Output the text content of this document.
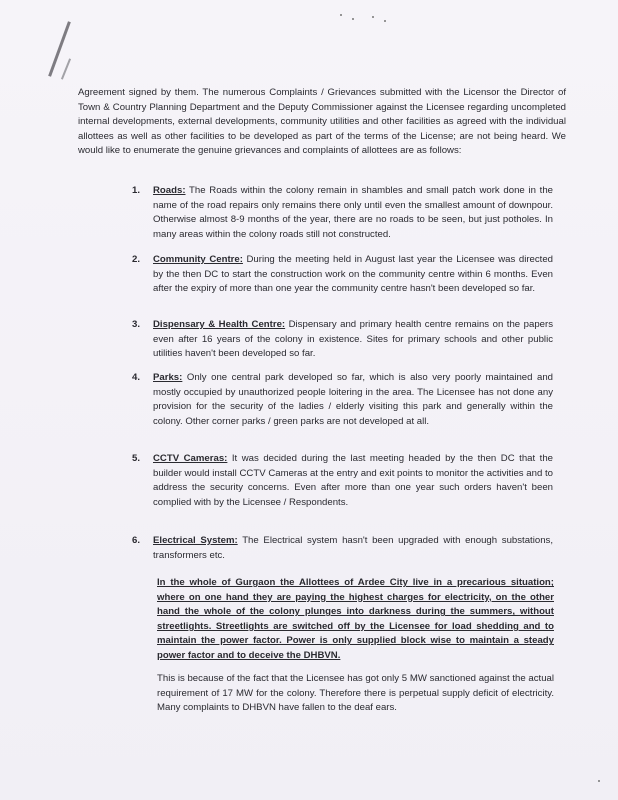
Agreement signed by them. The numerous Complaints / Grievances submitted with the Licensor the Director of Town & Country Planning Department and the Deputy Commissioner against the Licensee regarding uncompleted internal developments, external developments, community utilities and other facilities as agreed with the individual allottees as well as other facilities to be developed as part of the terms of the License; are not being heard. We would like to enumerate the genuine grievances and complaints of allottees are as follows:

1. Roads: The Roads within the colony remain in shambles and small patch work done in the name of the road repairs only remains there only until even the smallest amount of downpour. Otherwise almost 8-9 months of the year, there are no roads to be seen, but just potholes. In many areas within the colony roads still not constructed.

2. Community Centre: During the meeting held in August last year the Licensee was directed by the then DC to start the construction work on the community centre within 6 months. Even after the expiry of more than one year the community centre hasn't been developed so far.

3. Dispensary & Health Centre: Dispensary and primary health centre remains on the papers even after 16 years of the colony in existence. Sites for primary schools and other public utilities haven't been developed so far.

4. Parks: Only one central park developed so far, which is also very poorly maintained and mostly occupied by unauthorized people loitering in the area. The Licensee has not done any provision for the security of the ladies / elderly visiting this park and generally within the colony. Other corner parks / green parks are not developed at all.

5. CCTV Cameras: It was decided during the last meeting headed by the then DC that the builder would install CCTV Cameras at the entry and exit points to monitor the activities and to address the security concerns. Even after more than one year such orders haven't been complied with by the Licensee / Respondents.

6. Electrical System: The Electrical system hasn't been upgraded with enough substations, transformers etc.

In the whole of Gurgaon the Allottees of Ardee City live in a precarious situation; where on one hand they are paying the highest charges for electricity, on the other hand the whole of the colony plunges into darkness during the summers, without streetlights. Streetlights are switched off by the Licensee for load shedding and to maintain the power factor. Power is only supplied block wise to maintain a steady power factor and to deceive the DHBVN.

This is because of the fact that the Licensee has got only 5 MW sanctioned against the actual requirement of 17 MW for the colony. Therefore there is perpetual supply deficit of electricity. Many complaints to DHBVN have fallen to the deaf ears.
